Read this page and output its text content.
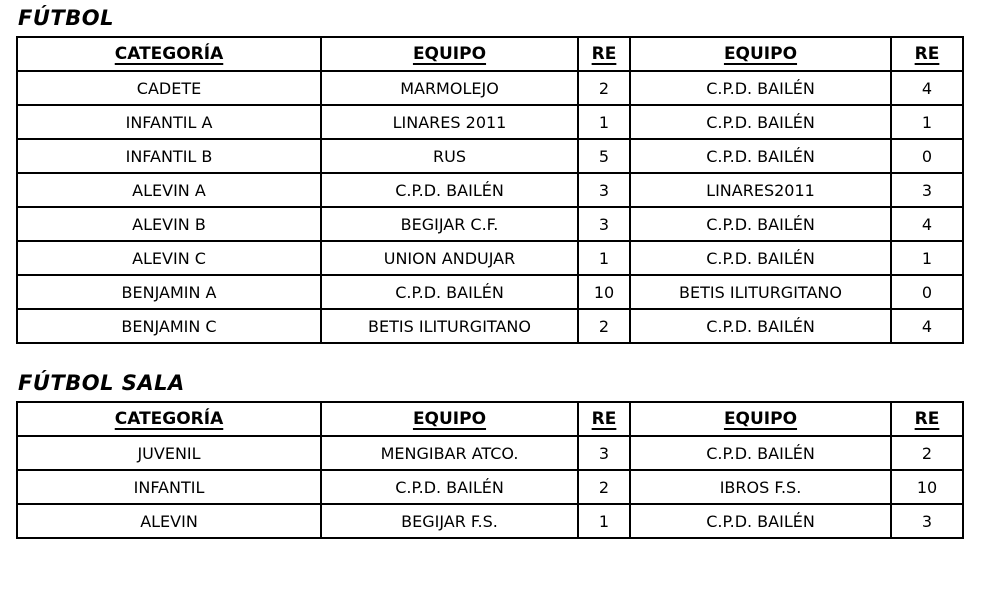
FÚTBOL
CATEGORÍA	EQUIPO	RE	EQUIPO	RE
CADETE	MARMOLEJO	2	C.P.D. BAILÉN	4
INFANTIL A	LINARES 2011	1	C.P.D. BAILÉN	1
INFANTIL B	RUS	5	C.P.D. BAILÉN	0
ALEVIN A	C.P.D. BAILÉN	3	LINARES2011	3
ALEVIN B	BEGIJAR C.F.	3	C.P.D. BAILÉN	4
ALEVIN C	UNION ANDUJAR	1	C.P.D. BAILÉN	1
BENJAMIN A	C.P.D. BAILÉN	10	BETIS ILITURGITANO	0
BENJAMIN C	BETIS ILITURGITANO	2	C.P.D. BAILÉN	4
FÚTBOL SALA
CATEGORÍA	EQUIPO	RE	EQUIPO	RE
JUVENIL	MENGIBAR ATCO.	3	C.P.D. BAILÉN	2
INFANTIL	C.P.D. BAILÉN	2	IBROS F.S.	10
ALEVIN	BEGIJAR F.S.	1	C.P.D. BAILÉN	3
